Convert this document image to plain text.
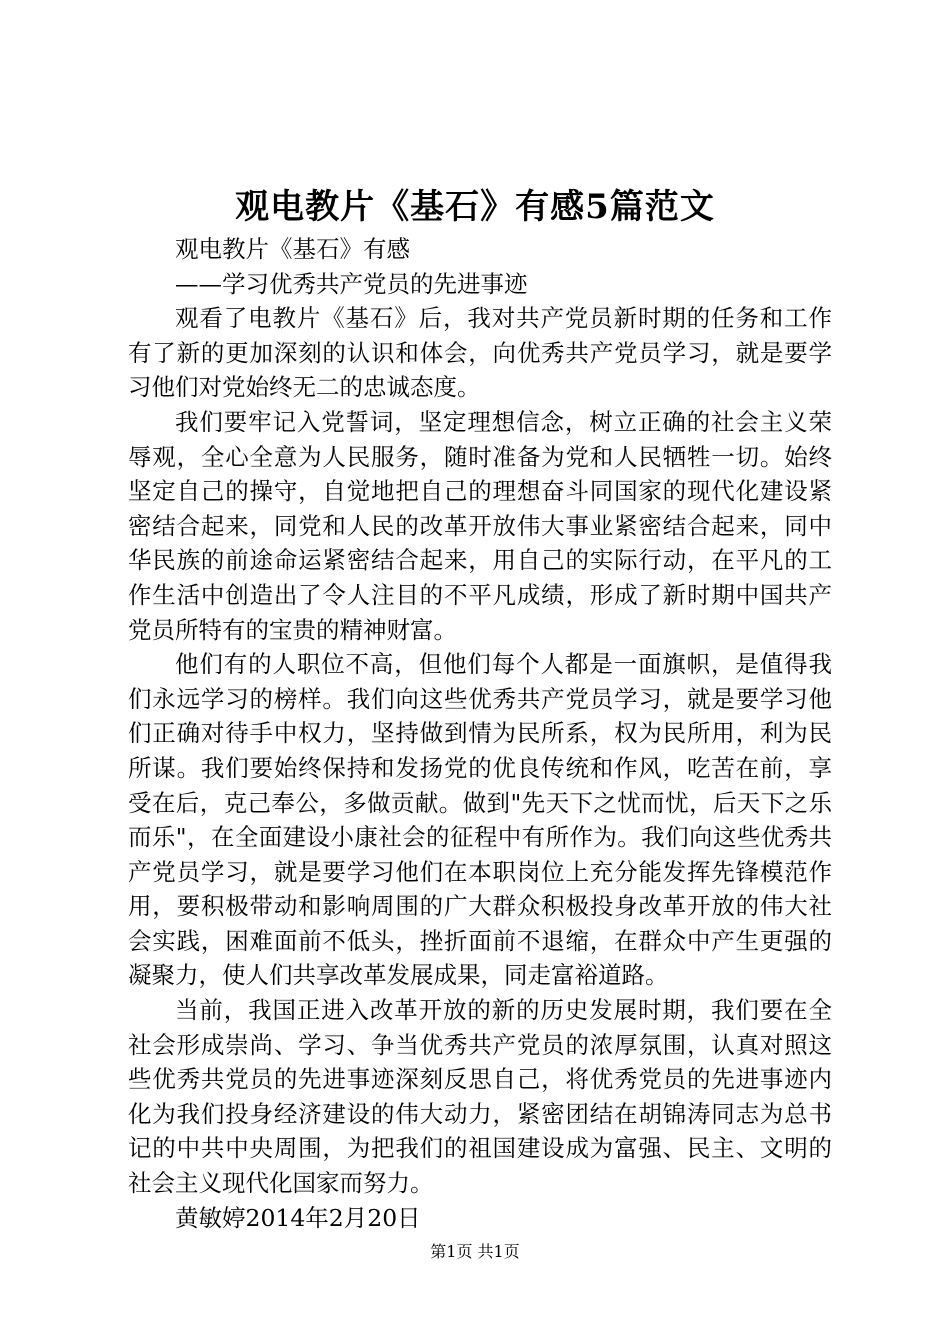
观电教片《基石》有感5篇范文

观电教片《基石》有感

——学习优秀共产党员的先进事迹

观看了电教片《基石》后，我对共产党员新时期的任务和工作有了新的更加深刻的认识和体会，向优秀共产党员学习，就是要学习他们对党始终无二的忠诚态度。

我们要牢记入党誓词，坚定理想信念，树立正确的社会主义荣辱观，全心全意为人民服务，随时准备为党和人民牺牲一切。始终坚定自己的操守，自觉地把自己的理想奋斗同国家的现代化建设紧密结合起来，同党和人民的改革开放伟大事业紧密结合起来，同中华民族的前途命运紧密结合起来，用自己的实际行动，在平凡的工作生活中创造出了令人注目的不平凡成绩，形成了新时期中国共产党员所特有的宝贵的精神财富。

他们有的人职位不高，但他们每个人都是一面旗帜，是值得我们永远学习的榜样。我们向这些优秀共产党员学习，就是要学习他们正确对待手中权力，坚持做到情为民所系，权为民所用，利为民所谋。我们要始终保持和发扬党的优良传统和作风，吃苦在前，享受在后，克己奉公，多做贡献。做到"先天下之忧而忧，后天下之乐而乐"，在全面建设小康社会的征程中有所作为。我们向这些优秀共产党员学习，就是要学习他们在本职岗位上充分能发挥先锋模范作用，要积极带动和影响周围的广大群众积极投身改革开放的伟大社会实践，困难面前不低头，挫折面前不退缩，在群众中产生更强的凝聚力，使人们共享改革发展成果，同走富裕道路。

当前，我国正进入改革开放的新的历史发展时期，我们要在全社会形成崇尚、学习、争当优秀共产党员的浓厚氛围，认真对照这些优秀共党员的先进事迹深刻反思自己，将优秀党员的先进事迹内化为我们投身经济建设的伟大动力，紧密团结在胡锦涛同志为总书记的中共中央周围，为把我们的祖国建设成为富强、民主、文明的社会主义现代化国家而努力。

黄敏婷2014年2月20日

第1页 共1页
